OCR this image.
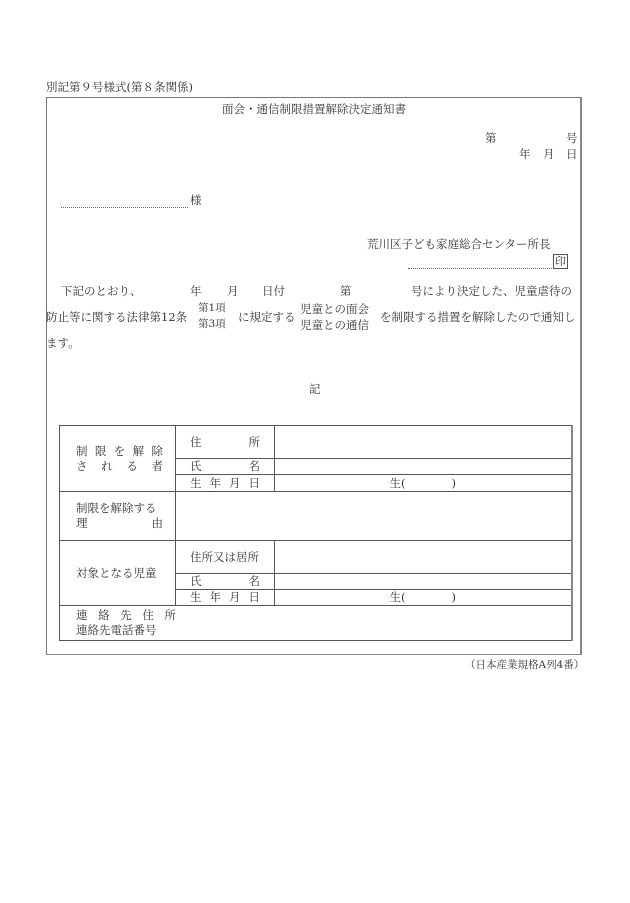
別記第９号様式(第８条関係)
面会・通信制限措置解除決定通知書
第	号
年 月 日
様
荒川区子ども家庭総合センター所長
印
下記のとおり、	年 月 日付	第	号により決定した、児童虐待の
防止等に関する法律第12条
第1項
第3項 に規定する
児童との面会
児童との通信
を制限する措置を解除したので通知し
ます。
記
制 限 を 解 除
さ れ る 者

住	所

	氏 名	

	生 年 月 日	生(　　　　)

制限を解除する
理 由		

対象となる児童	住所又は居所	

	氏 名	

	生 年 月 日	生(　　　　)

連 絡 先 住 所
連絡先電話番号
（日本産業規格A列4番）
